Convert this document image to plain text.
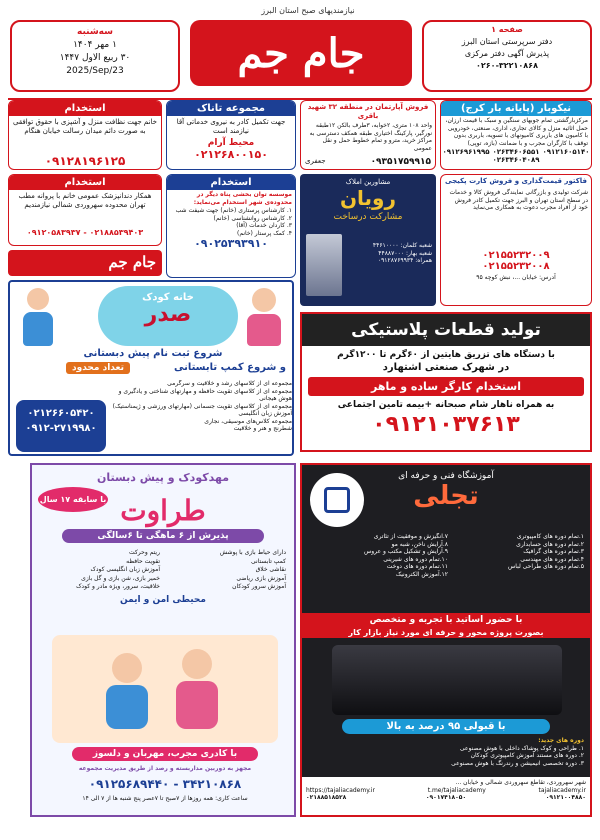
نیازمندیهای صبح استان البرز
جام جم
سه‌شنبه
۱ مهر ۱۴۰۴
۳۰ ربیع الاول ۱۴۴۷
2025/Sep/23
صفحه ۱
دفتر سرپرستی استان البرز
پذیرش آگهی دفتر مرکزی
۰۲۶۰-۳۲۲۱۰۸۶۸
نیکوبار (پایانه بار کرج)
مرکزبارگشتی تمام جوبهای سنگین و سبک با قیمت ارزان، حمل اثاثیه منزل و کالای تجاری، اداری، صنعتی، خودرویی با کامیون های باربری کامیونهای با تسویه، باربری بدون توقف با کارگران مجرب و با ضمانت (بازه، توپی)
۰۹۱۲۶۹۶۱۹۹۵ ۰۲۶۳۴۶۰۶۵۵۱ ۰۹۱۲۱۶۰۵۱۴۰
۰۲۶۳۴۶۰۴۰۸۹
فروش آپارتمان در منطقه ۳۲ شهید باقری
واحد ۱۰۸ متری، ۲خوابه، ۳طرف بالکن ۱۲طبقه نورگیر، پارکینگ اختیاری طبقه همکف دسترسی به مراکز خرید، مترو و تمام خطوط حمل و نقل عمومی
۰۹۳۵۱۷۵۹۹۱۵
جعفری
مجموعه تاناک
جهت تکمیل کادر به نیروی خدماتی آقا نیازمند است
محیط آرام
۰۲۱۲۶۸۰۰۱۵۰
استخدام
خانم جهت نظافت منزل و آشپزی با حقوق توافقی به صورت دائم میدان رسالت خیابان هنگام
۰۹۱۲۸۱۹۶۱۲۵
فاکتور قیمت‌گذاری و فروش کارت پکیجی
شرکت تولیدی و بازرگانی نمایندگی فروش کالا و خدمات در سطح استان تهران و البرز جهت تکمیل کادر فروش خود از افراد مجرب دعوت به همکاری می‌نماید
۰۲۱۵۵۲۳۲۰۰۹
۰۲۱۵۵۲۳۲۰۰۸
آدرس: خیابان ...، نبش کوچه ۹۵
مشاورین املاک
رویان
مشارکت درساخت
شعبه کلمان: ۴۴۶۱۰۰۰۰
شعبه بهار: ۴۴۸۸۷۰۰۰
همراه: ۰۹۱۲۸۷۶۹۹۳۴
استخدام
موسسه توان بخشی پناه دیگر در محدوده‌ی شهر استخدام می‌نماید:
۱. کارشناس پرستاری (خانم) جهت شیفت شب
۲. کارشناس روانشناسی (خانم)
۳. کاردان خدمات (آقا)
۴. کمک پرستار (خانم)
۰۹۰۲۵۳۹۳۹۱۰
استخدام
همکار دندانپزشک عمومی خانم با پروانه مطب تهران محدوده سهروردی شمالی نیازمندیم
۰۹۱۲۰۵۸۳۹۳۷ - ۰۲۱۸۸۵۳۹۴۰۳
جام جم
تولید قطعات پلاستیکی
با دستگاه های تزریق هایتین از ۶۰گرم تا ۱۲۰۰گرم
در شهرک صنعتی اشتهارد
استخدام کارگر ساده و ماهر
به همراه ناهار شام صبحانه +بیمه تامین اجتماعی
۰۹۱۲۱۰۳۷۶۱۳
خانه کودک
صدر
شروع ثبت نام پیش دبستانی
و شروع کمپ تابستانی
تعداد محدود
مجموعه ای از کلاسهای رشد و خلاقیت و سرگرمی
مجموعه ای از کلاسهای تقویت حافظه و مهارتهای شناختی و یادگیری و هوش هیجانی
مجموعه ای از کلاسهای تقویت جسمانی (مهارتهای ورزشی و ژیمناستیک)
آموزش زبان انگلیسی
مجموعه کلاس‌های موسیقی، نجاری
شطرنج و هنر و خلاقیت
۰۲۱۲۶۶۰۵۴۲۰
۰۹۱۲-۲۷۱۹۹۸۰
مهدکودک و پیش دبستان
با سابقه ۱۷ سال طراوت
پذیرش از ۶ ماهگی تا ۶سالگی
دارای حیاط بازی با پوشش
ریتم وحرکت
کمپ تابستانی
تقویت حافظه
نقاشی خلاق
آموزش زبان انگلیسی کودک
آموزش بازی ریاضی
خمیر بازی، شن بازی و گل بازی
آموزش سرور کودکان
خلاقیت، سرور، ویژه مادر و کودک
محیطی امن و ایمن
با کادری مجرب، مهربان و دلسوز
مجهز به دوربین مداربسته و رصد از طریق مدیریت مجموعه
۰۹۱۲۵۶۸۹۴۴۰ - ۳۴۲۱۰۸۶۸
ساعت کاری: همه روزها از ۷صبح تا ۷عصر پنج شنبه ها از ۷ الی ۱۴
آموزشگاه فنی و حرفه ای
تجلی
۱.تمام دوره های کامپیوتری
۲.تمام دوره های حسابداری
۳.تمام دوره های گرافیک
۴.تمام دوره های مهندسی
۵.تمام دوره های طراحی لباس
۷.انگیزش و موفقیت از تئاتری
۸.آرایش ناخن، شبه مو
۹.آرایش و تشکیل مکتب و عروس
۱۰.تمام دوره های شیرینی
۱۱.تمام دوره های دوخت
۱۲.آموزش الکترونیک
با حضور اساتید با تجربه و متخصص
بصورت پروژه محور و حرفه ای مورد نیاز بازار کار
با قبولی ۹۵ درصد به بالا
دوره های جدید:
۱. طراحی و کوک پوشاک داخلی با هوش مصنوعی
۲. دوره های مستند آموزش کامپیوتری کودکان
۳. دوره تخصصی انیمیشن و رندرنگ با هوش مصنوعی
شهر سهروردی، تقاطع سهروردی شمالی و خیابان ...
https://tajaliacademy.ir	t.me/tajaliacademy	tajaliacademy.ir
۰۲۱۸۸۵۱۸۵۲۸	۰۹۰۱۷۴۱۸۰۵۰	۰۹۱۲۱۰۰۴۸۸۰
